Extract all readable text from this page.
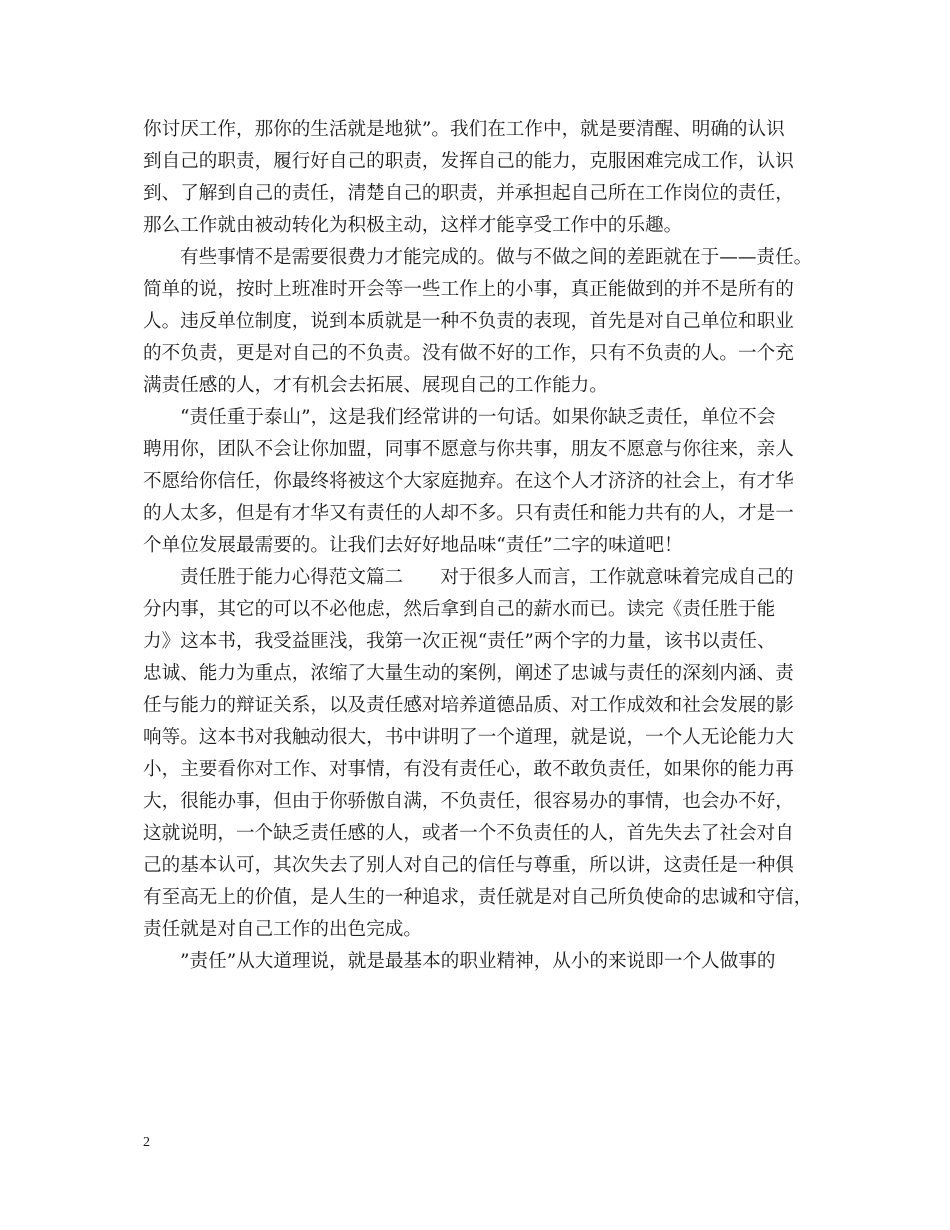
你讨厌工作，那你的生活就是地狱”。我们在工作中，就是要清醒、明确的认识
到自己的职责，履行好自己的职责，发挥自己的能力，克服困难完成工作，认识
到、了解到自己的责任，清楚自己的职责，并承担起自己所在工作岗位的责任，
那么工作就由被动转化为积极主动，这样才能享受工作中的乐趣。
有些事情不是需要很费力才能完成的。做与不做之间的差距就在于——责任。
简单的说，按时上班准时开会等一些工作上的小事，真正能做到的并不是所有的
人。违反单位制度，说到本质就是一种不负责的表现，首先是对自己单位和职业
的不负责，更是对自己的不负责。没有做不好的工作，只有不负责的人。一个充
满责任感的人，才有机会去拓展、展现自己的工作能力。
“责任重于泰山”，这是我们经常讲的一句话。如果你缺乏责任，单位不会
聘用你，团队不会让你加盟，同事不愿意与你共事，朋友不愿意与你往来，亲人
不愿给你信任，你最终将被这个大家庭抛弃。在这个人才济济的社会上，有才华
的人太多，但是有才华又有责任的人却不多。只有责任和能力共有的人，才是一
个单位发展最需要的。让我们去好好地品味“责任”二字的味道吧！
责任胜于能力心得范文篇二　　对于很多人而言，工作就意味着完成自己的
分内事，其它的可以不必他虑，然后拿到自己的薪水而已。读完《责任胜于能
力》这本书，我受益匪浅，我第一次正视“责任”两个字的力量，该书以责任、
忠诚、能力为重点，浓缩了大量生动的案例，阐述了忠诚与责任的深刻内涵、责
任与能力的辩证关系，以及责任感对培养道德品质、对工作成效和社会发展的影
响等。这本书对我触动很大，书中讲明了一个道理，就是说，一个人无论能力大
小，主要看你对工作、对事情，有没有责任心，敢不敢负责任，如果你的能力再
大，很能办事，但由于你骄傲自满，不负责任，很容易办的事情，也会办不好，
这就说明，一个缺乏责任感的人，或者一个不负责任的人，首先失去了社会对自
己的基本认可，其次失去了别人对自己的信任与尊重，所以讲，这责任是一种俱
有至高无上的价值，是人生的一种追求，责任就是对自己所负使命的忠诚和守信，
责任就是对自己工作的出色完成。
”责任”从大道理说，就是最基本的职业精神，从小的来说即一个人做事的
2
